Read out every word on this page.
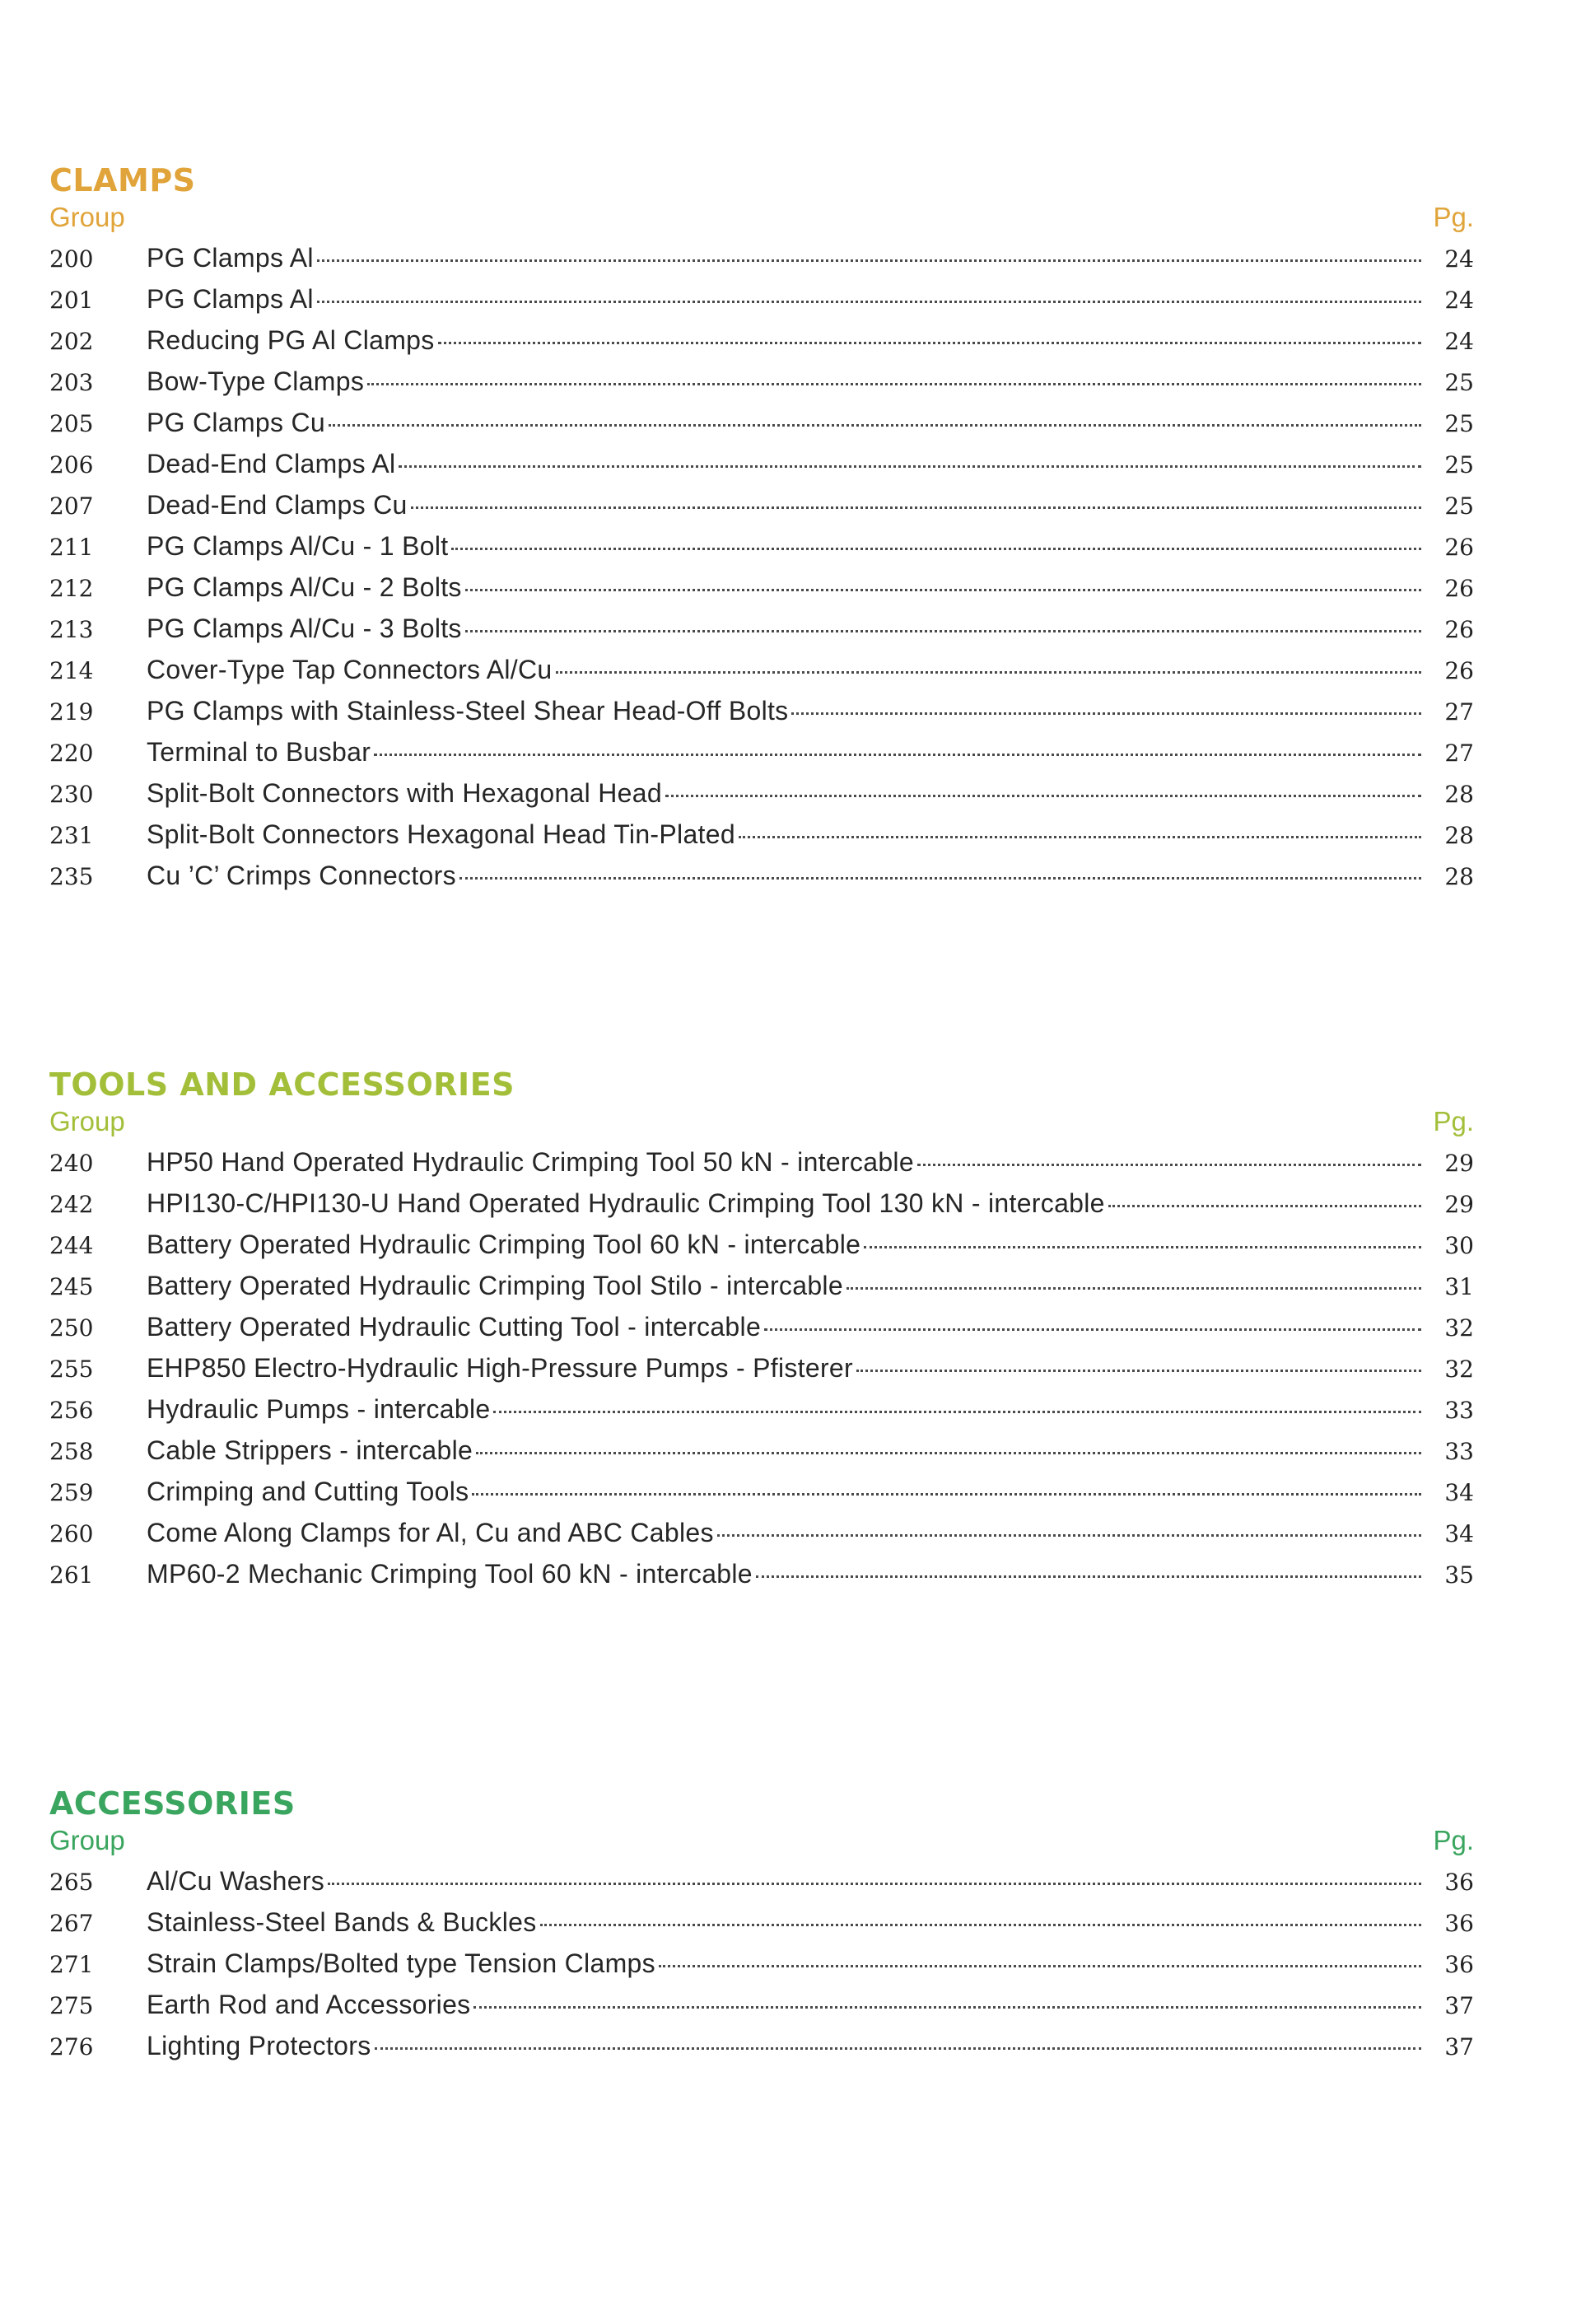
CLAMPS
Group	Pg.
200	PG Clamps Al	24
201	PG Clamps Al	24
202	Reducing PG Al Clamps	24
203	Bow-Type Clamps	25
205	PG Clamps Cu	25
206	Dead-End Clamps Al	25
207	Dead-End Clamps Cu	25
211	PG Clamps Al/Cu - 1 Bolt	26
212	PG Clamps Al/Cu - 2 Bolts	26
213	PG Clamps Al/Cu - 3 Bolts	26
214	Cover-Type Tap Connectors Al/Cu	26
219	PG Clamps with Stainless-Steel Shear Head-Off Bolts	27
220	Terminal to Busbar	27
230	Split-Bolt Connectors with Hexagonal Head	28
231	Split-Bolt Connectors Hexagonal Head Tin-Plated	28
235	Cu ’C’ Crimps Connectors	28
TOOLS AND ACCESSORIES
Group	Pg.
240	HP50 Hand Operated Hydraulic Crimping Tool 50 kN - intercable	29
242	HPI130-C/HPI130-U Hand Operated Hydraulic Crimping Tool 130 kN - intercable	29
244	Battery Operated Hydraulic Crimping Tool 60 kN - intercable	30
245	Battery Operated Hydraulic Crimping Tool Stilo - intercable	31
250	Battery Operated Hydraulic Cutting Tool - intercable	32
255	EHP850 Electro-Hydraulic High-Pressure Pumps - Pfisterer	32
256	Hydraulic Pumps - intercable	33
258	Cable Strippers - intercable	33
259	Crimping and Cutting Tools	34
260	Come Along Clamps for Al, Cu and ABC Cables	34
261	MP60-2 Mechanic Crimping Tool 60 kN - intercable	35
ACCESSORIES
Group	Pg.
265	Al/Cu Washers	36
267	Stainless-Steel Bands & Buckles	36
271	Strain Clamps/Bolted type Tension Clamps	36
275	Earth Rod and Accessories	37
276	Lighting Protectors	37
